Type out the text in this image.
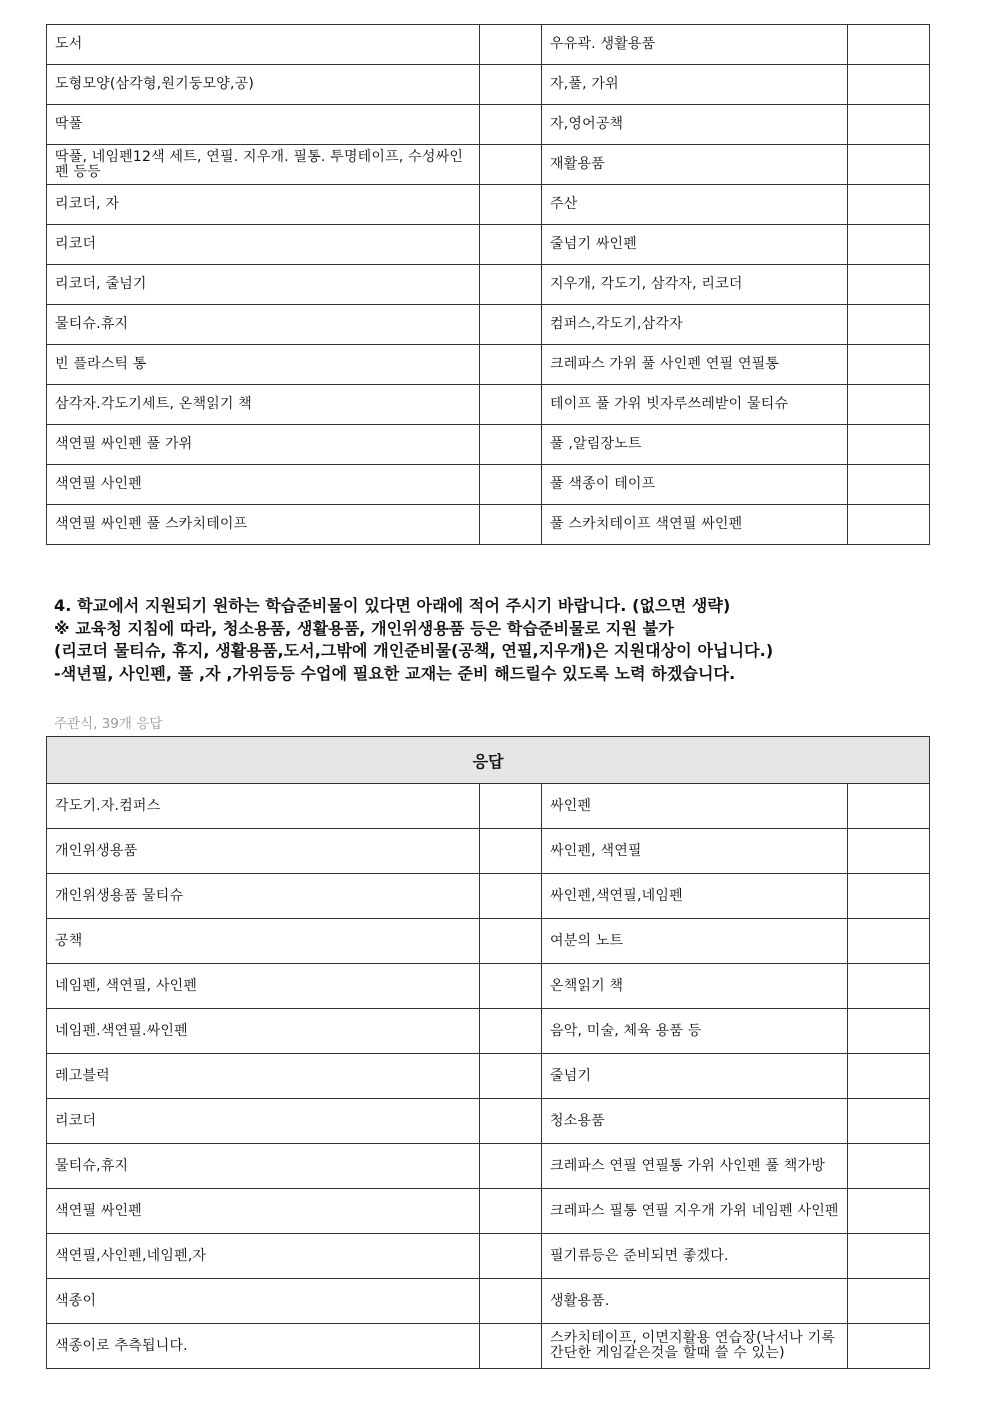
도서		우유곽. 생활용품	
도형모양(삼각형,원기둥모양,공)		자,풀, 가위	
딱풀		자,영어공책	
딱풀, 네임펜12색 세트, 연필. 지우개. 필통. 투명테이프, 수성싸인펜 등등		재활용품	
리코더, 자		주산	
리코더		줄넘기 싸인펜	
리코더, 줄넘기		지우개, 각도기, 삼각자, 리코더	
물티슈.휴지		컴퍼스,각도기,삼각자	
빈 플라스틱 통		크레파스 가위 풀 사인펜 연필 연필통	
삼각자.각도기세트, 온책읽기 책		테이프 풀 가위 빗자루쓰레받이 물티슈	
색연필 싸인펜 풀 가위		풀 ,알림장노트	
색연필 사인펜		풀 색종이 테이프	
색연필 싸인펜 풀 스카치테이프		풀 스카치테이프 색연필 싸인펜	
4. 학교에서 지원되기 원하는 학습준비물이 있다면 아래에 적어 주시기 바랍니다. (없으면 생략)
※ 교육청 지침에 따라, 청소용품, 생활용품, 개인위생용품 등은 학습준비물로 지원 불가
(리코더 물티슈, 휴지, 생활용품,도서,그밖에 개인준비물(공책, 연필,지우개)은 지원대상이 아닙니다.)
-색년필, 사인펜, 풀 ,자 ,가위등등 수업에 필요한 교재는 준비 해드릴수 있도록 노력 하겠습니다.
주관식, 39개 응답
응답			
각도기.자.컴퍼스		싸인펜	
개인위생용품		싸인펜, 색연필	
개인위생용품 물티슈		싸인펜,색연필,네임펜	
공책		여분의 노트	
네임펜, 색연필, 사인펜		온책읽기 책	
네임펜.색연필.싸인펜		음악, 미술, 체육 용품 등	
레고블럭		줄넘기	
리코더		청소용품	
물티슈,휴지		크레파스 연필 연필통 가위 사인펜 풀 책가방	
색연필 싸인펜		크레파스 필통 연필 지우개 가위 네임펜 사인펜	
색연필,사인펜,네임펜,자		필기류등은 준비되면 좋겠다.	
색종이		생활용품.	
색종이로 추측됩니다.		스카치테이프, 이면지활용 연습장(낙서나 기록 간단한 게임같은것을 할때 쓸 수 있는)	
